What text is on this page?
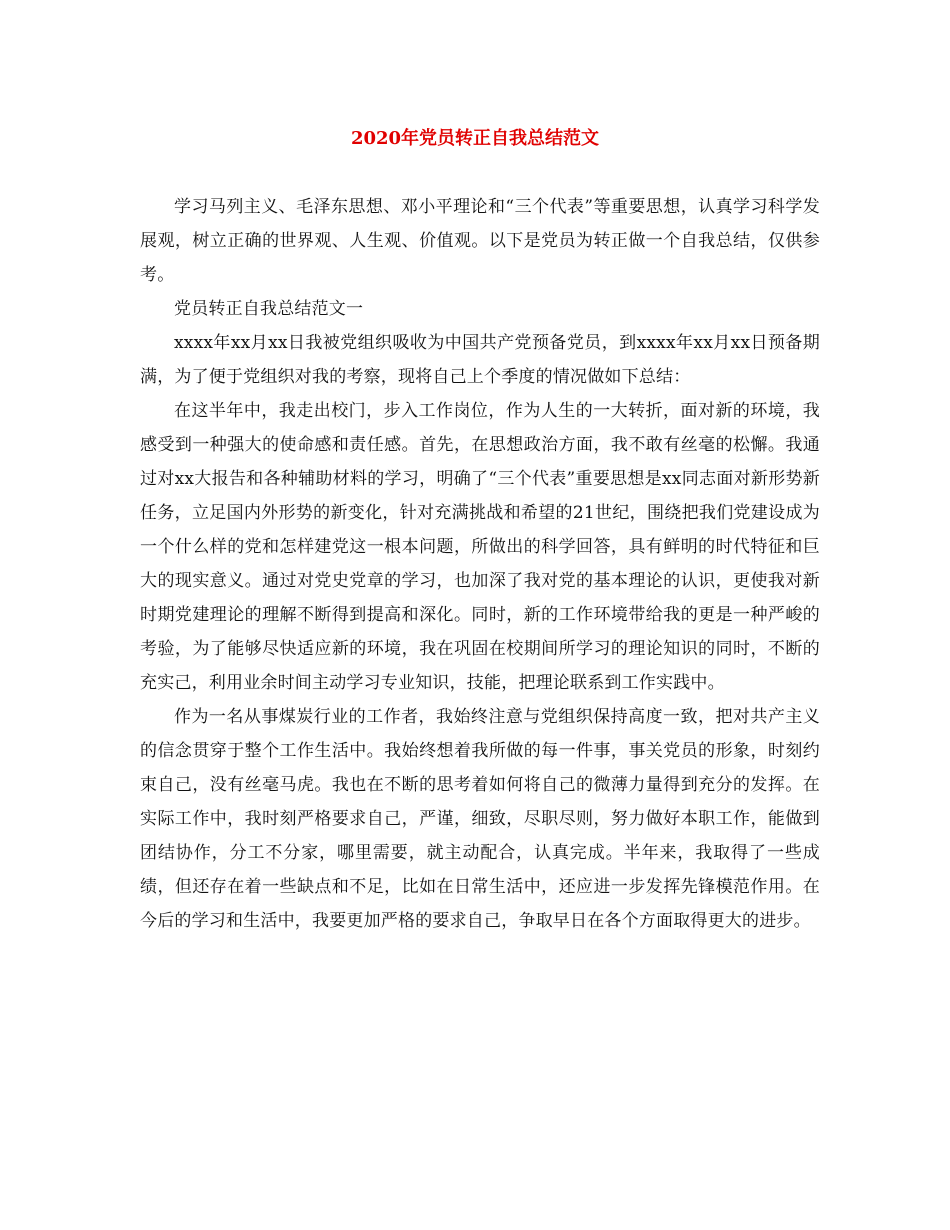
2020年党员转正自我总结范文

学习马列主义、毛泽东思想、邓小平理论和“三个代表”等重要思想，认真学习科学发展观，树立正确的世界观、人生观、价值观。以下是党员为转正做一个自我总结，仅供参考。

党员转正自我总结范文一

xxxx年xx月xx日我被党组织吸收为中国共产党预备党员，到xxxx年xx月xx日预备期满，为了便于党组织对我的考察，现将自己上个季度的情况做如下总结：

在这半年中，我走出校门，步入工作岗位，作为人生的一大转折，面对新的环境，我感受到一种强大的使命感和责任感。首先，在思想政治方面，我不敢有丝毫的松懈。我通过对xx大报告和各种辅助材料的学习，明确了“三个代表”重要思想是xx同志面对新形势新任务，立足国内外形势的新变化，针对充满挑战和希望的21世纪，围绕把我们党建设成为一个什么样的党和怎样建党这一根本问题，所做出的科学回答，具有鲜明的时代特征和巨大的现实意义。通过对党史党章的学习，也加深了我对党的基本理论的认识，更使我对新时期党建理论的理解不断得到提高和深化。同时，新的工作环境带给我的更是一种严峻的考验，为了能够尽快适应新的环境，我在巩固在校期间所学习的理论知识的同时，不断的充实己，利用业余时间主动学习专业知识，技能，把理论联系到工作实践中。

作为一名从事煤炭行业的工作者，我始终注意与党组织保持高度一致，把对共产主义的信念贯穿于整个工作生活中。我始终想着我所做的每一件事，事关党员的形象，时刻约束自己，没有丝毫马虎。我也在不断的思考着如何将自己的微薄力量得到充分的发挥。在实际工作中，我时刻严格要求自己，严谨，细致，尽职尽则，努力做好本职工作，能做到团结协作，分工不分家，哪里需要，就主动配合，认真完成。半年来，我取得了一些成绩，但还存在着一些缺点和不足，比如在日常生活中，还应进一步发挥先锋模范作用。在今后的学习和生活中，我要更加严格的要求自己，争取早日在各个方面取得更大的进步。
